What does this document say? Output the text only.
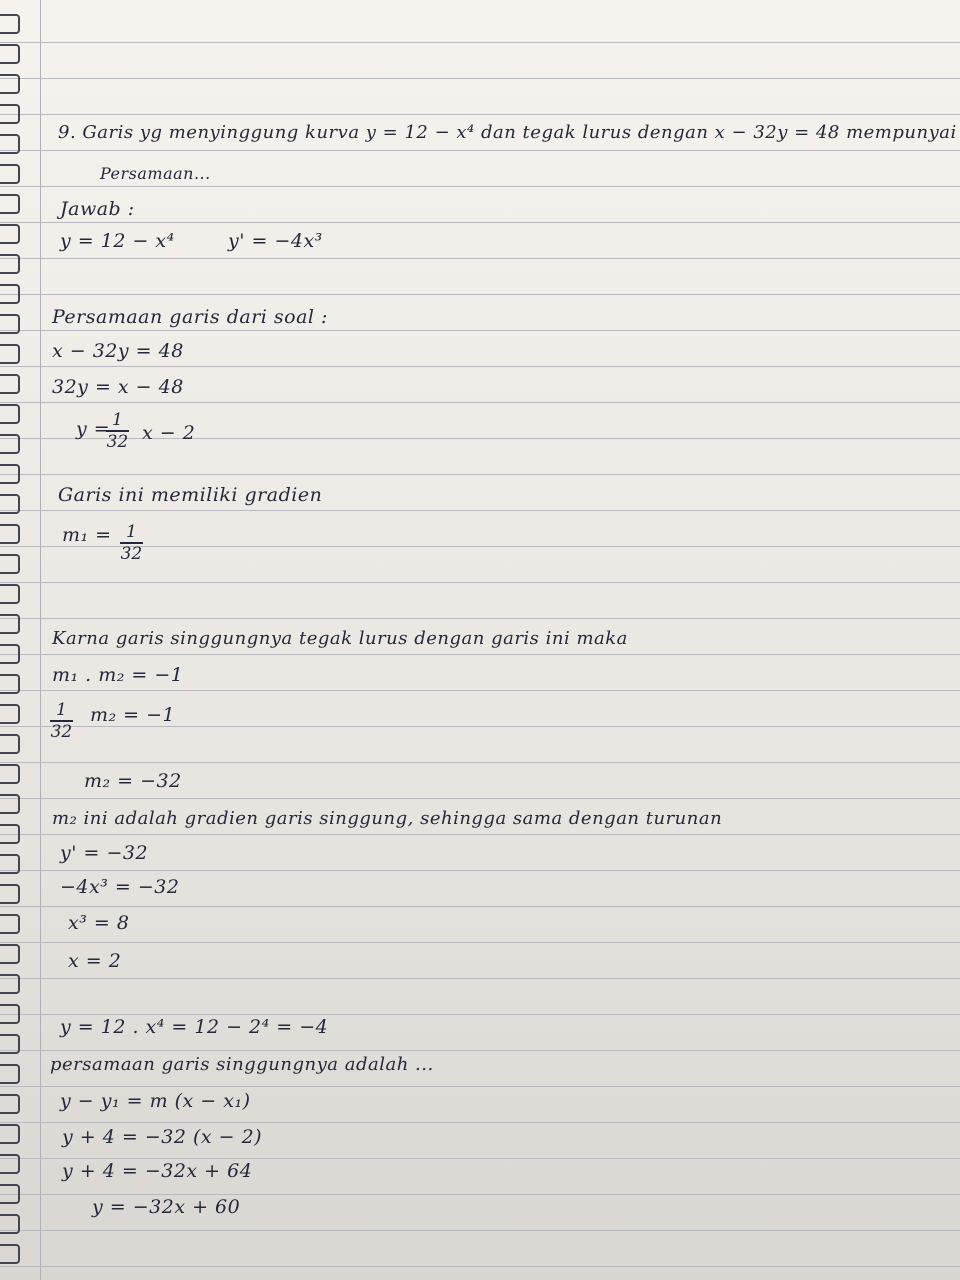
9. Garis yg menyinggung kurva y = 12 − x⁴ dan tegak lurus dengan x − 32y = 48 mempunyai
Persamaan...
Jawab :
y = 12 − x⁴	y' = −4x³
Persamaan garis dari soal :
x − 32y = 48
32y = x − 48
y =
$\frac{1}{32}$ x − 2
Garis ini memiliki gradien
$m_1 = \frac{1}{32}$
Karna garis singgungnya tegak lurus dengan garis ini maka
m₁ . m₂ = −1
$\frac{1}{32} m_2 = -1$
m₂ = −32
m₂ ini adalah gradien garis singgung, sehingga sama dengan turunan
y' = −32
−4x³ = −32
x³ = 8
x = 2
y = 12 . x⁴ = 12 − 2⁴ = −4
persamaan garis singgungnya adalah ...
y − y₁ = m (x − x₁)
y + 4 = −32 (x − 2)
y + 4 = −32x + 64
y = −32x + 60
